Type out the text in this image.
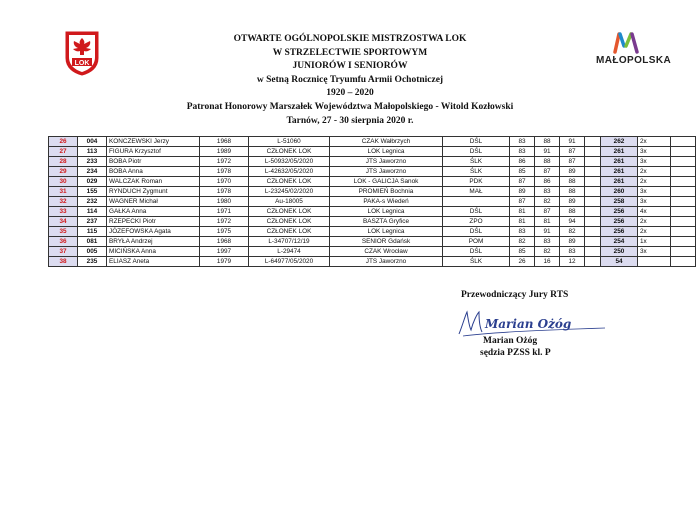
LOK	MAŁOPOLSKA
OTWARTE OGÓLNOPOLSKIE MISTRZOSTWA LOK
W STRZELECTWIE SPORTOWYM
JUNIORÓW I SENIORÓW
w Setną Rocznicę Tryumfu Armii Ochotniczej
1920 – 2020
Patronat Honorowy Marszałek Województwa Małopolskiego - Witold Kozłowski
Tarnów, 27 - 30 sierpnia 2020 r.
26	004	KONCZEWSKI Jerzy	1968	L-51060	CZAK Wałbrzych	DŚL	83	88	91		262	2x	
27	113	FIGURA Krzysztof	1989	CZŁONEK LOK	LOK Legnica	DŚL	83	91	87		261	3x	
28	233	BOBA Piotr	1972	L-50932/05/2020	JTS Jaworzno	ŚLK	86	88	87		261	3x	
29	234	BOBA Anna	1978	L-42632/05/2020	JTS Jaworzno	ŚLK	85	87	89		261	2x	
30	029	WALCZAK Roman	1970	CZŁONEK LOK	LOK - GALICJA Sanok	PDK	87	86	88		261	2x	
31	155	RYNDUCH Zygmunt	1978	L-23245/02/2020	PROMIEŃ Bochnia	MAŁ	89	83	88		260	3x	
32	232	WAGNER Michał	1980	Au-18005	PAKA-s Wiedeń		87	82	89		258	3x	
33	114	GAŁKA Anna	1971	CZŁONEK LOK	LOK Legnica	DŚL	81	87	88		256	4x	
34	237	RZEPECKI Piotr	1972	CZŁONEK LOK	BASZTA Gryfice	ZPO	81	81	94		256	2x	
35	115	JÓZEFOWSKA Agata	1975	CZŁONEK LOK	LOK Legnica	DŚL	83	91	82		256	2x	
36	081	BRYŁA Andrzej	1968	L-34707/12/19	SENIOR Gdańsk	POM	82	83	89		254	1x	
37	005	MICIŃSKA Anna	1997	L-29474	CZAK Wrocław	DŚL	85	82	83		250	3x	
38	235	ELIASZ Aneta	1979	L-64977/05/2020	JTS Jaworzno	ŚLK	26	16	12		54		
Przewodniczący Jury RTS
Marian Ożóg
Marian Ożóg
sędzia PZSS kl. P
